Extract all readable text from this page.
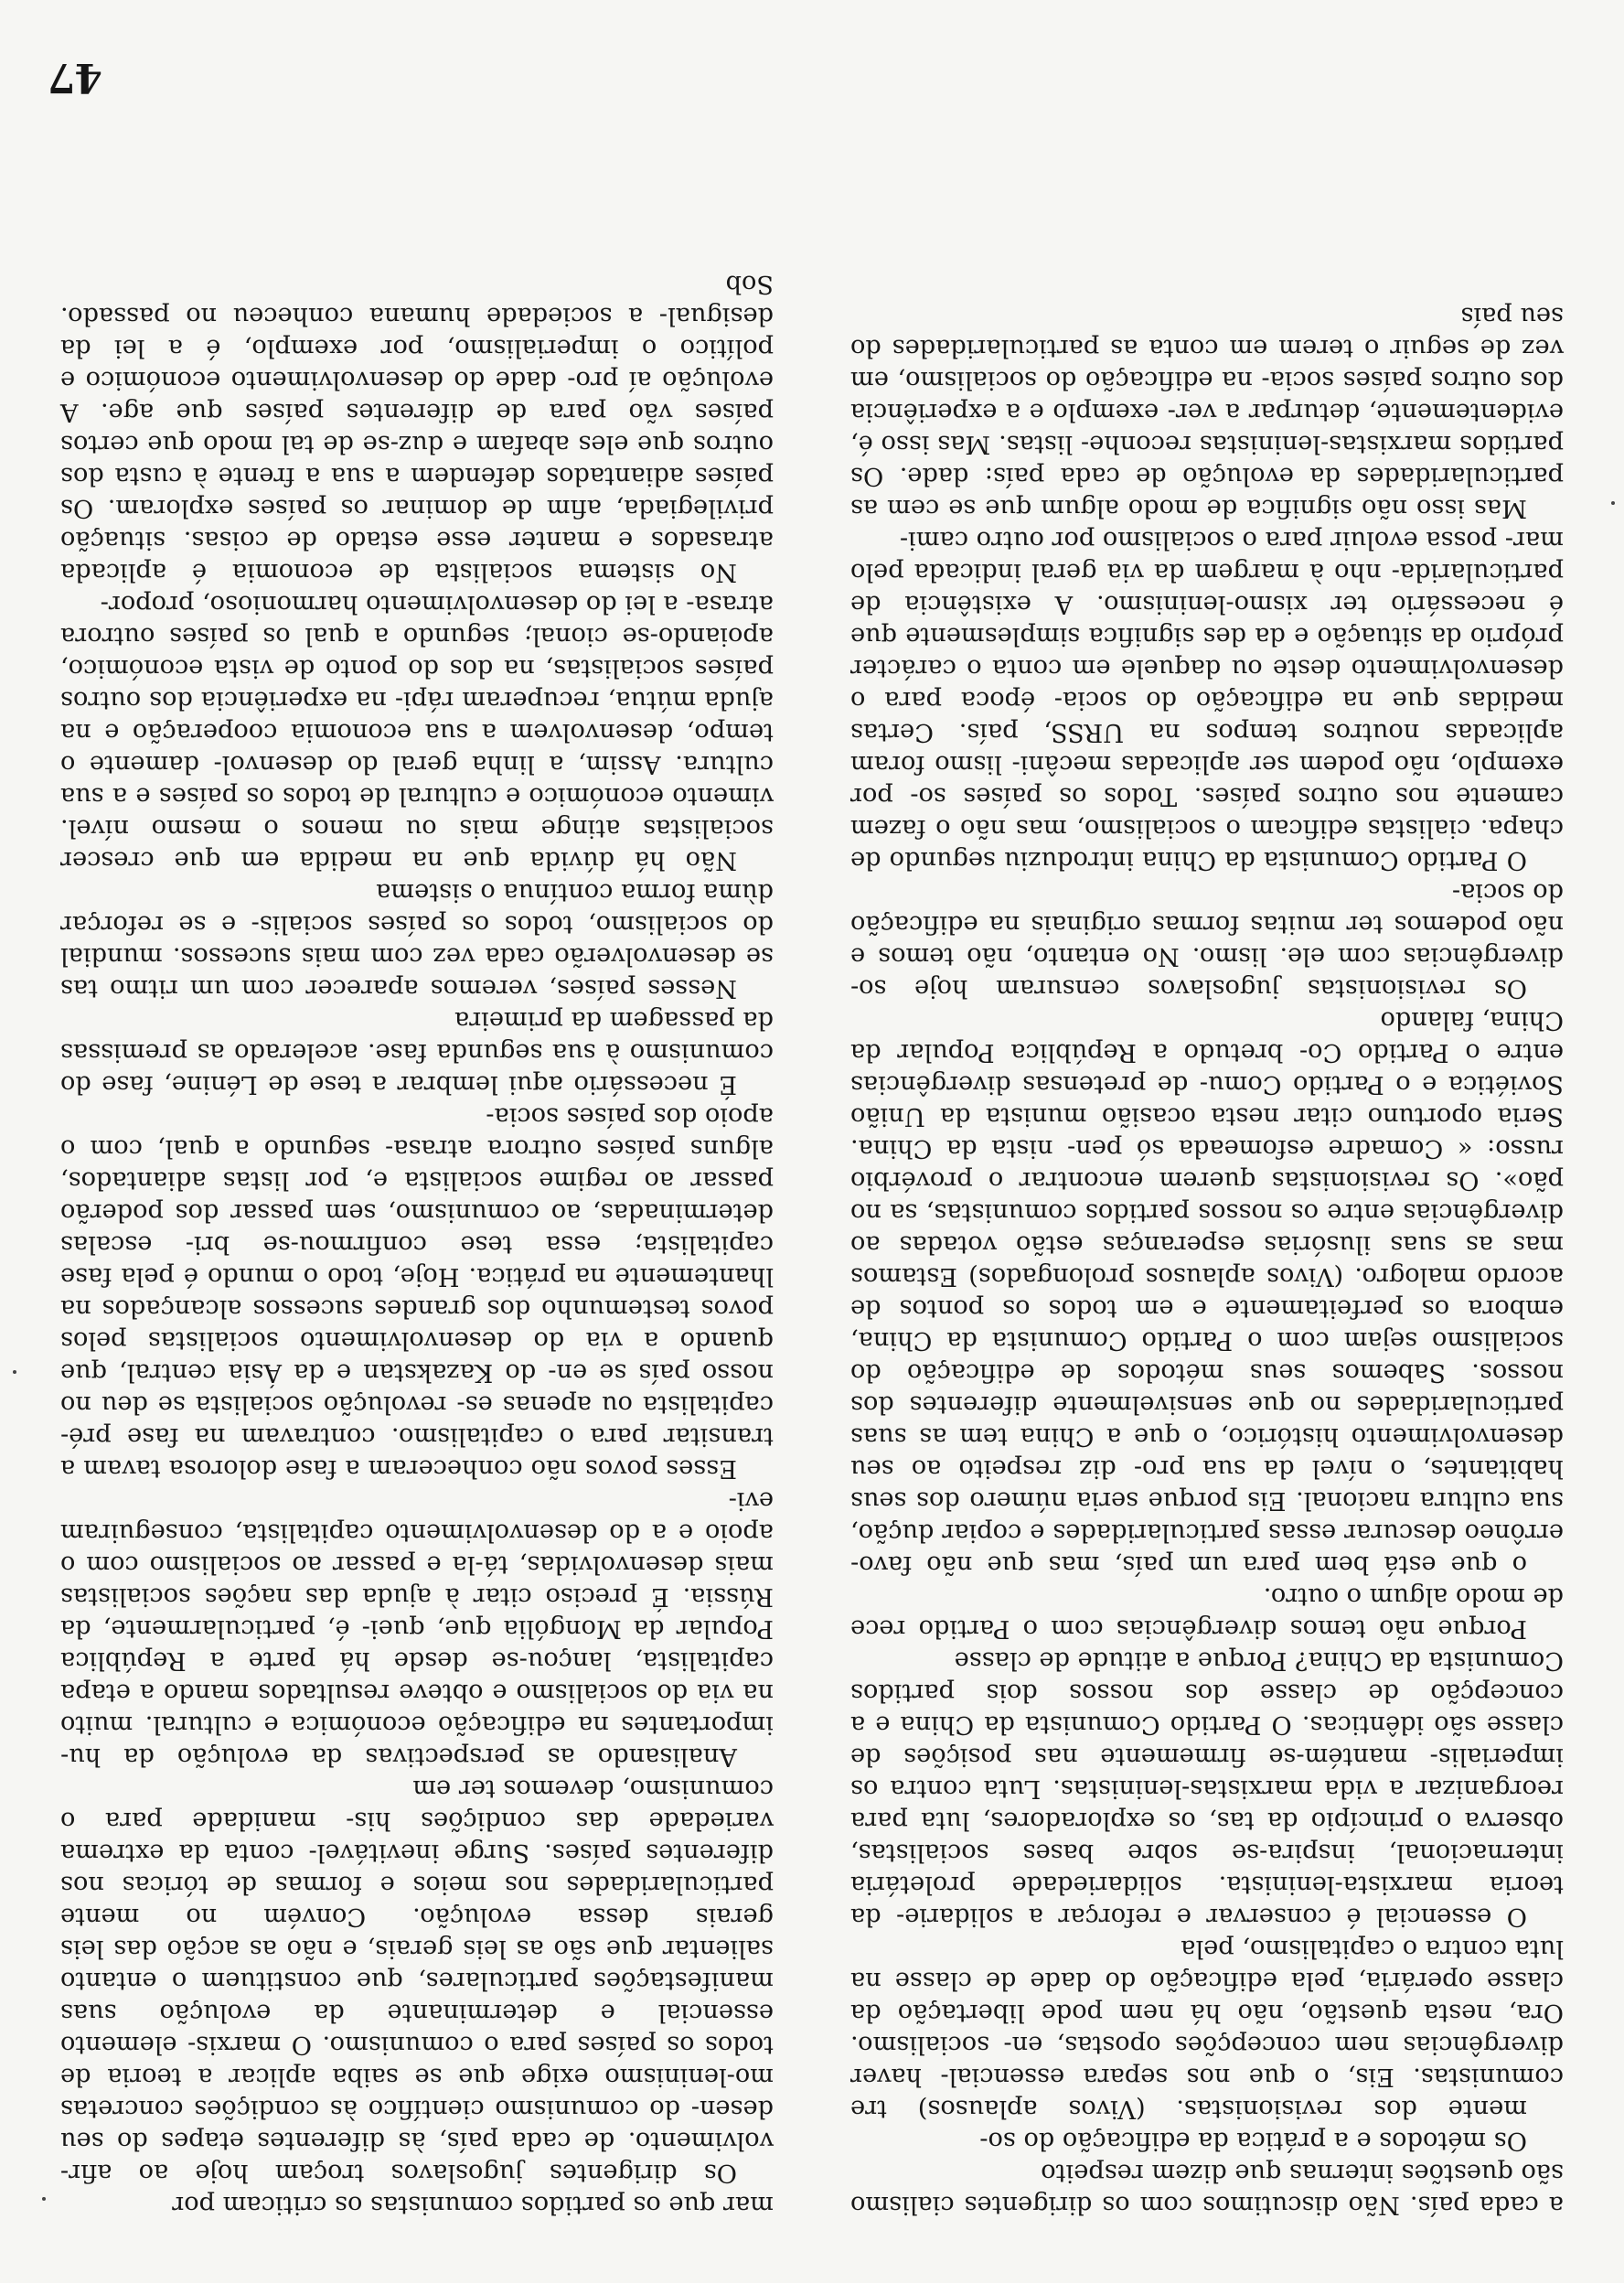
47

a cada país. Não discutimos com os dirigentes cialismo são questões internas que dizem respeito

Os métodos e a prática da edificação do so-

mente dos revisionistas. (Vivos aplausos) tre comunistas. Eis, o que nos separa essencial- haver divergências nem concepções opostas, en- socialismo. Ora, nesta questão, não há nem pode libertação da classe operária, pela edificação do dade de classe na luta contra o capitalismo, pela

O essencial é conservar e reforçar a solidarie- da teoria marxista-leninista. solidariedade proletária internacional, inspira-se sobre bases socialistas, observa o princípio da tas, os exploradores, luta para reorganizar a vida marxistas-leninistas. Luta contra os imperialis- mantém-se firmemente nas posições de classe são idênticas. O Partido Comunista da China e a concepção de classe dos nossos dois partidos Comunista da China? Porque a atitude de classe

Porque não temos divergências com o Partido rece de modo algum o outro.

o que está bem para um país, mas que não favo- errôneo descurar essas particularidades e copiar dução, sua cultura nacional. Eis porque seria número dos seus habitantes, o nível da sua pro- diz respeito ao seu desenvolvimento histórico, o que a China tem as suas particularidades no que sensivelmente diferentes dos nossos. Sabemos seus métodos de edificação do socialismo sejam com o Partido Comunista da China, embora os perfeitamente e em todos os pontos de acordo malogro. (Vivos aplausos prolongados) Estamos mas as suas ilusórias esperanças estão votadas ao divergências entre os nossos partidos comunistas, sa no pão». Os revisionistas querem encontrar o provérbio russo: « Comadre esfomeada só pen- nista da China. Seria oportuno citar nesta ocasião munista da União Soviética e o Partido Comu- de pretensas divergências entre o Partido Co- bretudo a República Popular da China, falando

Os revisionistas jugoslavos censuram hoje so- divergências com ele. lismo. No entanto, não temos e não podemos ter muitas formas originais na edificação do socia-

O Partido Comunista da China introduziu segundo de chapa. cialistas edificam o socialismo, mas não o fazem camente nos outros países. Todos os países so- por exemplo, não podem ser aplicadas mecâni- lismo foram aplicadas noutros tempos na URSS, país. Certas medidas que na edificação do socia- época para o desenvolvimento deste ou daquele em conta o carácter próprio da situação e da des significa simplesmente que é necessário ter xismo-leninismo. A existência de particularida- nho à margem da via geral indicada pelo mar- possa evoluir para o socialismo por outro cami-

Mas isso não significa de modo algum que se cem as particularidades da evolução de cada país: dade. Os partidos marxistas-leninistas reconhe- listas. Mas isso é, evidentemente, deturpar a ver- exemplo e a experiência dos outros países socia- na edificação do socialismo, em vez de seguir o terem em conta as particularidades do seu país

mar que os partidos comunistas os criticam por

Os dirigentes jugoslavos troçam hoje ao afir- volvimento. de cada país, às diferentes etapes do seu desen- do comunismo científico às condições concretas mo-leninismo exige que se saiba aplicar a teoria de todos os países para o comunismo. O marxis- elemento essencial e determinante da evolução suas manifestações particulares, que constituem o entanto salientar que são as leis gerais, e não as acção das leis gerais dessa evolução. Convém no mente particularidades nos meios e formas de tóricas nos diferentes países. Surge inevitável- conta da extrema variedade das condições his- manidade para o comunismo, devemos ter em

Analisando as perspectivas da evolução da hu- importantes na edificação económica e cultural. muito na via do socialismo e obteve resultados mando a etapa capitalista, lançou-se desde há parte a República Popular da Mongólia que, quei- é, particularmente, da Rússia. É preciso citar à ajuda das nações socialistas mais desenvolvidas, tá-la e passar ao socialismo com o apoio e a do desenvolvimento capitalista, conseguiram evi-

Esses povos não conheceram a fase dolorosa tavam a transitar para o capitalismo. contravam na fase pré-capitalista ou apenas es- revolução socialista se deu no nosso país se en- do Kazakstan e da Ásia central, que quando a via do desenvolvimento socialistas pelos povos testemunho dos grandes sucessos alcançados na lhantemente na prática. Hoje, todo o mundo é pela fase capitalista; essa tese confirmou-se bri- escalas determinadas, ao comunismo, sem passar dos poderão passar ao regime socialista e, por listas adiantados, alguns países outrora atrasa- segundo a qual, com o apoio dos países socia-

É necessário aqui lembrar a tese de Lénine, fase do comunismo à sua segunda fase. acelerado as premissas da passagem da primeira

Nesses países, veremos aparecer com um ritmo tas se desenvolverão cada vez com mais sucessos. mundial do socialismo, todos os países socialis- e se reforçar dùma forma contínua o sistema

Não há dúvida que na medida em que crescer socialistas atinge mais ou menos o mesmo nível. vimento económico e cultural de todos os países e a sua cultura. Assim, a linha geral do desenvol- damente o tempo, desenvolvem a sua economia cooperação e na ajuda mútua, recuperam rápi- na experiência dos outros países socialistas, na dos do ponto de vista económico, apoiando-se cional; segundo a qual os países outrora atrasa- a lei do desenvolvimento harmonioso, propor-

No sistema socialista de economia é aplicada atrasados e manter esse estado de coisas. situação privilegiada, afim de dominar os países exploram. Os países adiantados defendem a sua a frente à custa dos outros que eles abafam e duz-se de tal modo que certos países vão para de diferentes países que age. A evolução aí pro- dade do desenvolvimento económico e político o imperialismo, por exemplo, é a lei da desigual- a sociedade humana conheceu no passado. Sob
